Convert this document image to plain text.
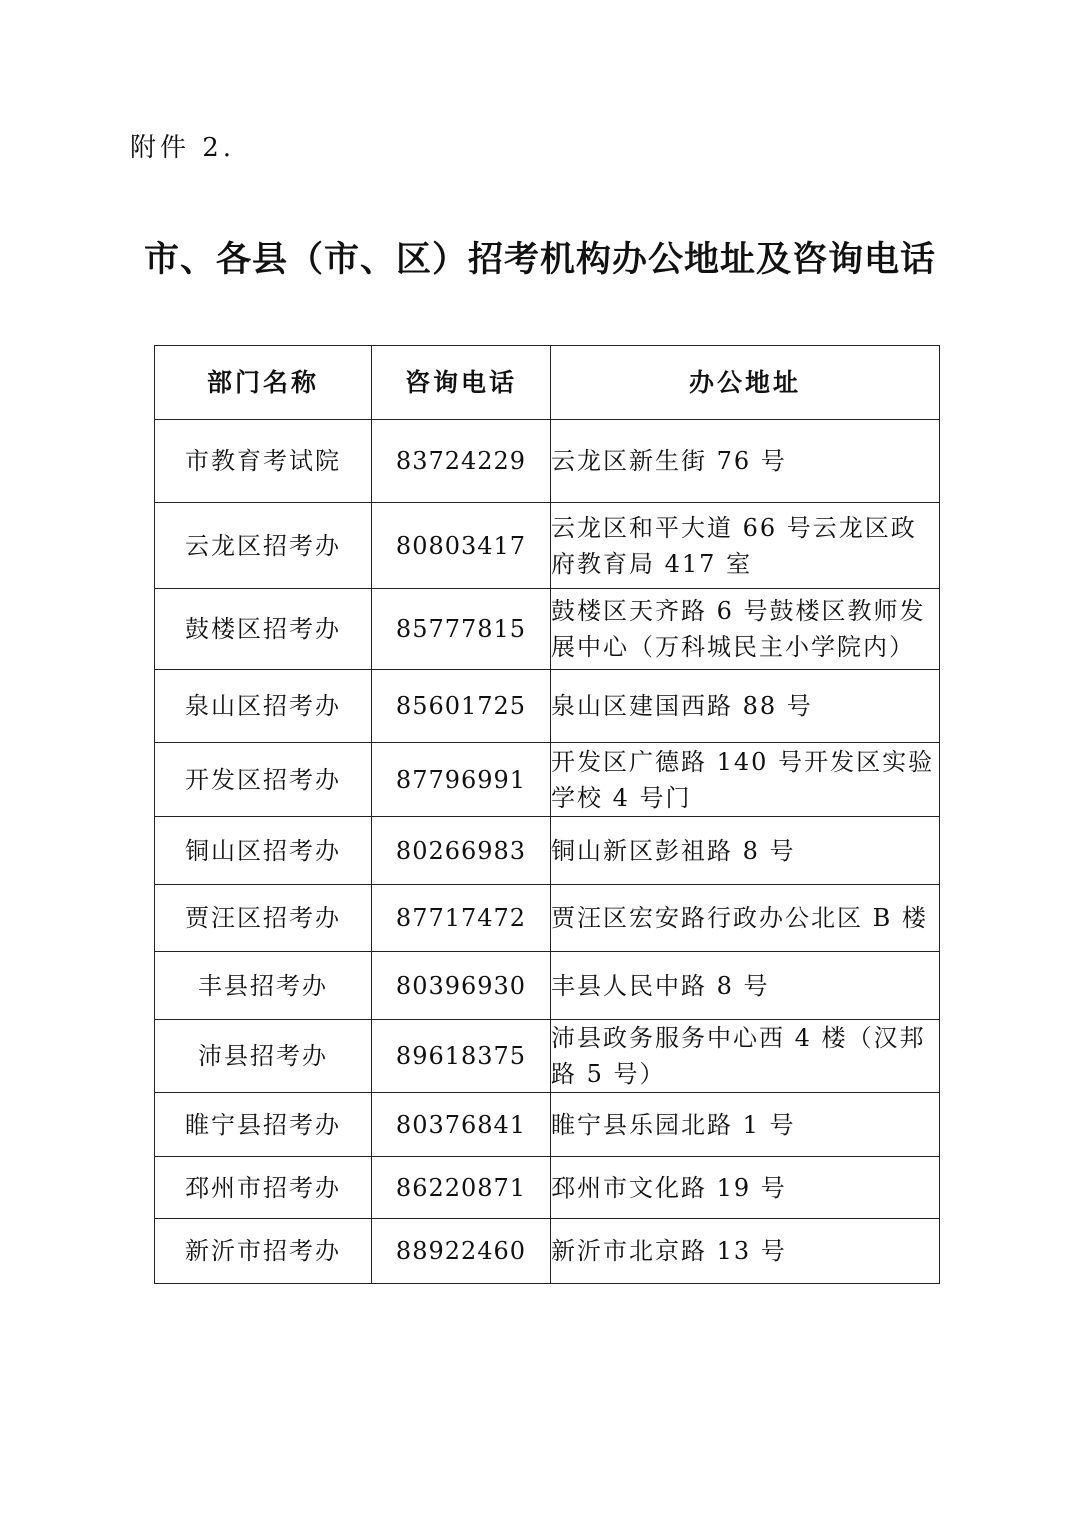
附件 2.
市、各县（市、区）招考机构办公地址及咨询电话
部门名称	咨询电话	办公地址
市教育考试院	83724229	云龙区新生街 76 号
云龙区招考办	80803417	云龙区和平大道 66 号云龙区政府教育局 417 室
鼓楼区招考办	85777815	鼓楼区天齐路 6 号鼓楼区教师发展中心（万科城民主小学院内）
泉山区招考办	85601725	泉山区建国西路 88 号
开发区招考办	87796991	开发区广德路 140 号开发区实验学校 4 号门
铜山区招考办	80266983	铜山新区彭祖路 8 号
贾汪区招考办	87717472	贾汪区宏安路行政办公北区 B 楼
丰县招考办	80396930	丰县人民中路 8 号
沛县招考办	89618375	沛县政务服务中心西 4 楼（汉邦路 5 号）
睢宁县招考办	80376841	睢宁县乐园北路 1 号
邳州市招考办	86220871	邳州市文化路 19 号
新沂市招考办	88922460	新沂市北京路 13 号
